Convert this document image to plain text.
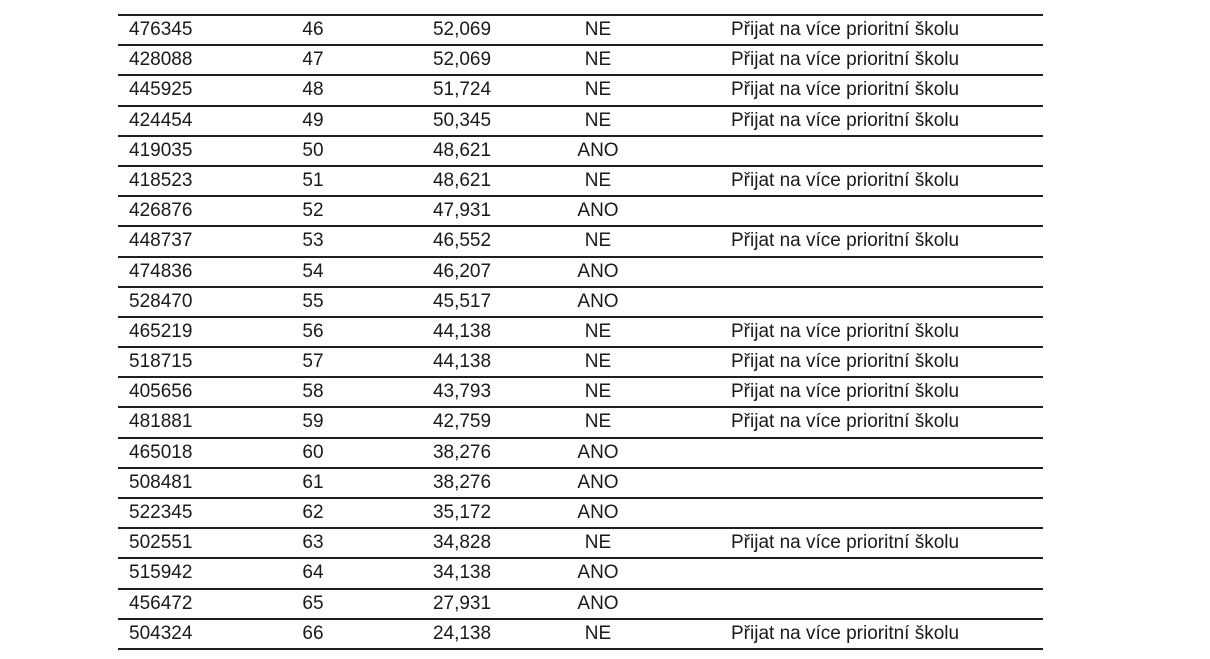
476345	46	52,069	NE	Přijat na více prioritní školu
428088	47	52,069	NE	Přijat na více prioritní školu
445925	48	51,724	NE	Přijat na více prioritní školu
424454	49	50,345	NE	Přijat na více prioritní školu
419035	50	48,621	ANO
418523	51	48,621	NE	Přijat na více prioritní školu
426876	52	47,931	ANO
448737	53	46,552	NE	Přijat na více prioritní školu
474836	54	46,207	ANO
528470	55	45,517	ANO
465219	56	44,138	NE	Přijat na více prioritní školu
518715	57	44,138	NE	Přijat na více prioritní školu
405656	58	43,793	NE	Přijat na více prioritní školu
481881	59	42,759	NE	Přijat na více prioritní školu
465018	60	38,276	ANO
508481	61	38,276	ANO
522345	62	35,172	ANO
502551	63	34,828	NE	Přijat na více prioritní školu
515942	64	34,138	ANO
456472	65	27,931	ANO
504324	66	24,138	NE	Přijat na více prioritní školu
